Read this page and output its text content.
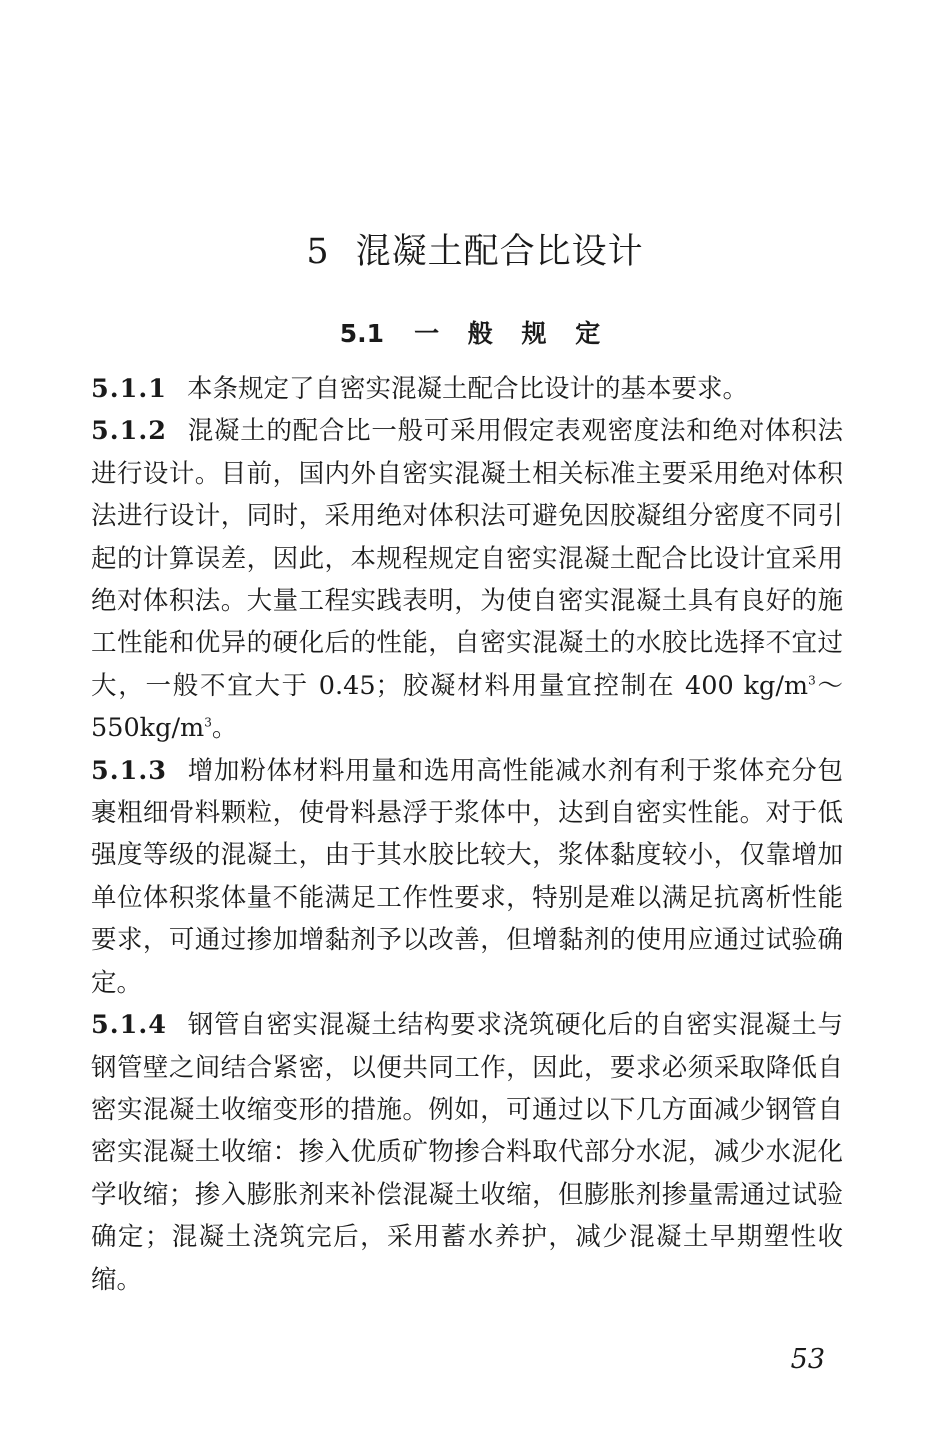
5 混凝土配合比设计
5.1 一 般 规 定

5.1.1 本条规定了自密实混凝土配合比设计的基本要求。

5.1.2 混凝土的配合比一般可采用假定表观密度法和绝对体积法进行设计。目前，国内外自密实混凝土相关标准主要采用绝对体积法进行设计，同时，采用绝对体积法可避免因胶凝组分密度不同引起的计算误差，因此，本规程规定自密实混凝土配合比设计宜采用绝对体积法。大量工程实践表明，为使自密实混凝土具有良好的施工性能和优异的硬化后的性能，自密实混凝土的水胶比选择不宜过大，一般不宜大于 0.45；胶凝材料用量宜控制在 400 $kg/m^3\sim 550kg/m^3$。

5.1.3 增加粉体材料用量和选用高性能减水剂有利于浆体充分包裹粗细骨料颗粒，使骨料悬浮于浆体中，达到自密实性能。对于低强度等级的混凝土，由于其水胶比较大，浆体黏度较小，仅靠增加单位体积浆体量不能满足工作性要求，特别是难以满足抗离析性能要求，可通过掺加增黏剂予以改善，但增黏剂的使用应通过试验确定。

5.1.4 钢管自密实混凝土结构要求浇筑硬化后的自密实混凝土与钢管壁之间结合紧密，以便共同工作，因此，要求必须采取降低自密实混凝土收缩变形的措施。例如，可通过以下几方面减少钢管自密实混凝土收缩：掺入优质矿物掺合料取代部分水泥，减少水泥化学收缩；掺入膨胀剂来补偿混凝土收缩，但膨胀剂掺量需通过试验确定；混凝土浇筑完后，采用蓄水养护，减少混凝土早期塑性收缩。

53
